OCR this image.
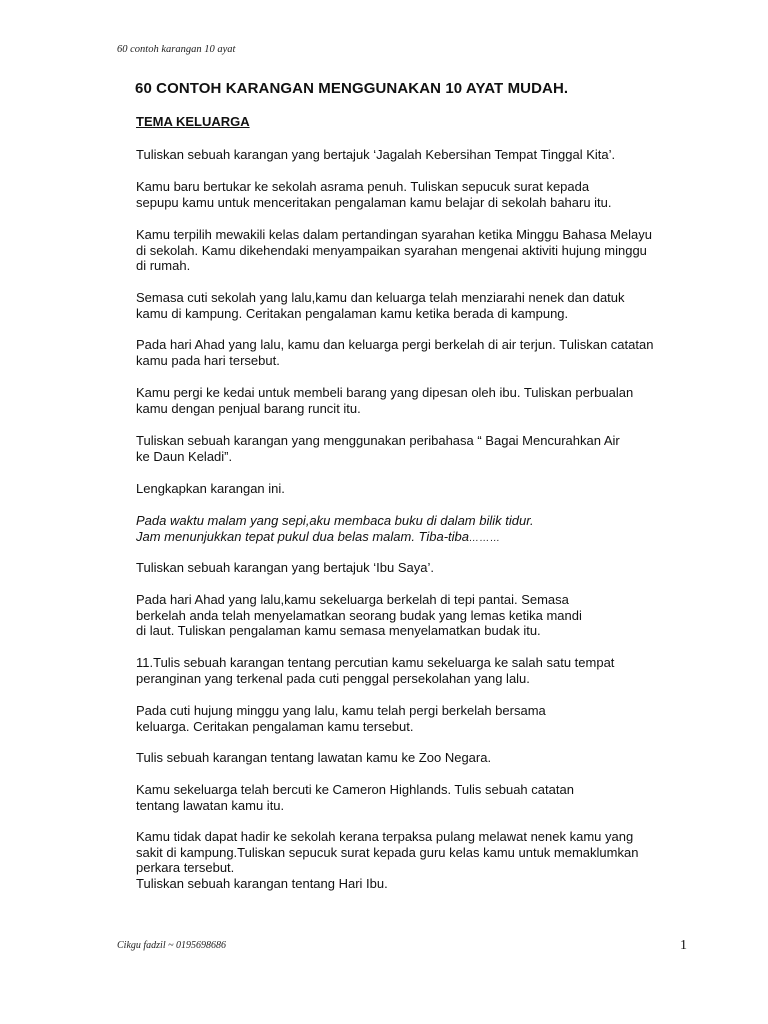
60 contoh karangan 10 ayat
60 CONTOH KARANGAN MENGGUNAKAN 10 AYAT MUDAH.
TEMA KELUARGA

Tuliskan sebuah karangan yang bertajuk ‘Jagalah Kebersihan Tempat Tinggal Kita’.

Kamu baru bertukar ke sekolah asrama penuh. Tuliskan sepucuk surat kepada
sepupu kamu untuk menceritakan pengalaman kamu belajar di sekolah baharu itu.

Kamu terpilih mewakili kelas dalam pertandingan syarahan ketika Minggu Bahasa Melayu
di sekolah. Kamu dikehendaki menyampaikan syarahan mengenai aktiviti hujung minggu
di rumah.

Semasa cuti sekolah yang lalu,kamu dan keluarga telah menziarahi nenek dan datuk
kamu di kampung. Ceritakan pengalaman kamu ketika berada di kampung.

Pada hari Ahad yang lalu, kamu dan keluarga pergi berkelah di air terjun. Tuliskan catatan
kamu pada hari tersebut.

Kamu pergi ke kedai untuk membeli barang yang dipesan oleh ibu. Tuliskan perbualan
kamu dengan penjual barang runcit itu.

Tuliskan sebuah karangan yang menggunakan peribahasa “ Bagai Mencurahkan Air
ke Daun Keladi”.

Lengkapkan karangan ini.

Pada waktu malam yang sepi,aku membaca buku di dalam bilik tidur.
Jam menunjukkan tepat pukul dua belas malam. Tiba-tiba………

Tuliskan sebuah karangan yang bertajuk ‘Ibu Saya’.

Pada hari Ahad yang lalu,kamu sekeluarga berkelah di tepi pantai. Semasa
berkelah anda telah menyelamatkan seorang budak yang lemas ketika mandi
di laut. Tuliskan pengalaman kamu semasa menyelamatkan budak itu.

11.Tulis sebuah karangan tentang percutian kamu sekeluarga ke salah satu tempat
peranginan yang terkenal pada cuti penggal persekolahan yang lalu.

Pada cuti hujung minggu yang lalu, kamu telah pergi berkelah bersama
keluarga. Ceritakan pengalaman kamu tersebut.

Tulis sebuah karangan tentang lawatan kamu ke Zoo Negara.

Kamu sekeluarga telah bercuti ke Cameron Highlands. Tulis sebuah catatan
tentang lawatan kamu itu.

Kamu tidak dapat hadir ke sekolah kerana terpaksa pulang melawat nenek kamu yang
sakit di kampung.Tuliskan sepucuk surat kepada guru kelas kamu untuk memaklumkan
perkara tersebut.
Tuliskan sebuah karangan tentang Hari Ibu.

Cikgu fadzil ~ 0195698686	1
